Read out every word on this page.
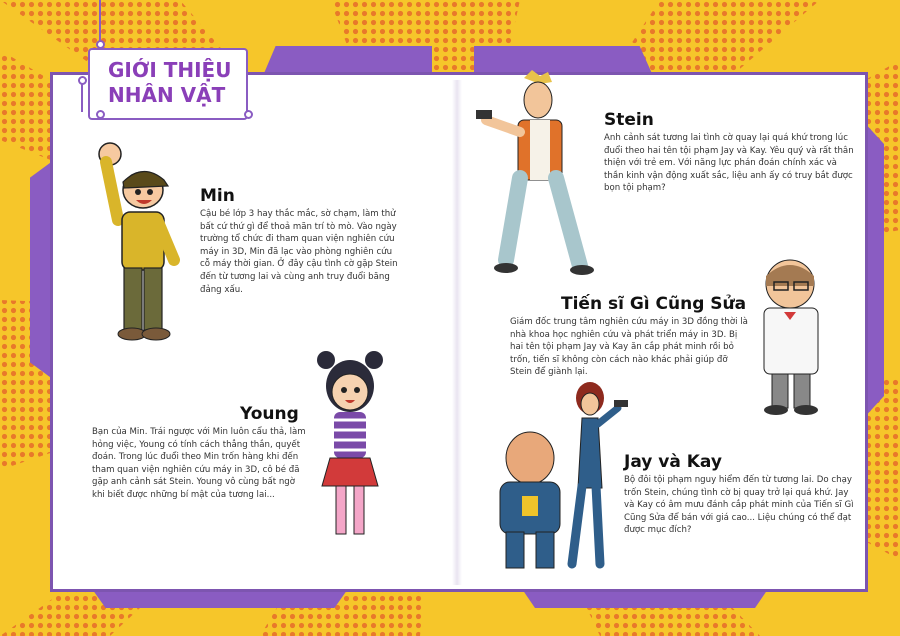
GIỚI THIỆU
NHÂN VẬT
Min
Cậu bé lớp 3 hay thắc mắc, sờ chạm, làm thử bất cứ thứ gì để thoả mãn trí tò mò. Vào ngày trường tổ chức đi tham quan viện nghiên cứu máy in 3D, Min đã lạc vào phòng nghiên cứu cỗ máy thời gian. Ở đây cậu tình cờ gặp Stein đến từ tương lai và cùng anh truy đuổi băng đảng xấu.
Young
Bạn của Min. Trái ngược với Min luôn cẩu thả, làm hỏng việc, Young có tính cách thẳng thắn, quyết đoán. Trong lúc đuổi theo Min trốn hàng khi đến tham quan viện nghiên cứu máy in 3D, cô bé đã gặp anh cảnh sát Stein. Young vô cùng bất ngờ khi biết được những bí mật của tương lai...
Stein
Anh cảnh sát tương lai tình cờ quay lại quá khứ trong lúc đuổi theo hai tên tội phạm Jay và Kay. Yêu quý và rất thân thiện với trẻ em. Với năng lực phán đoán chính xác và thần kinh vận động xuất sắc, liệu anh ấy có truy bắt được bọn tội phạm?
Tiến sĩ Gì Cũng Sửa
Giám đốc trung tâm nghiên cứu máy in 3D đồng thời là nhà khoa học nghiên cứu và phát triển máy in 3D. Bị hai tên tội phạm Jay và Kay ăn cắp phát minh rồi bỏ trốn, tiến sĩ không còn cách nào khác phải giúp đỡ Stein để giành lại.
Jay và Kay
Bộ đôi tội phạm nguy hiểm đến từ tương lai. Do chạy trốn Stein, chúng tình cờ bị quay trở lại quá khứ. Jay và Kay có âm mưu đánh cắp phát minh của Tiến sĩ Gì Cũng Sửa để bán với giá cao... Liệu chúng có thể đạt được mục đích?
